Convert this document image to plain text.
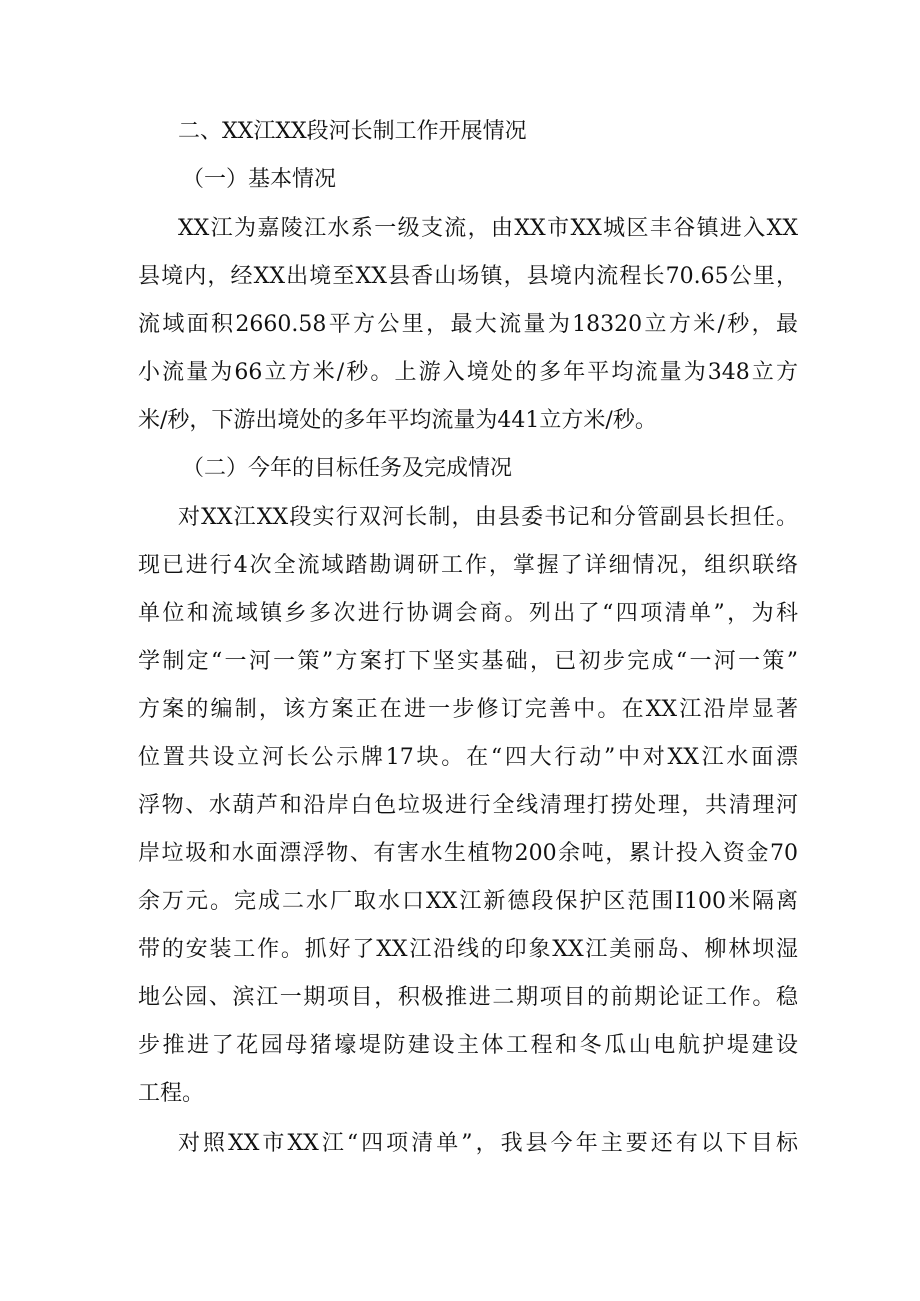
二、XX江XX段河长制工作开展情况
（一）基本情况
XX江为嘉陵江水系一级支流，由XX市XX城区丰谷镇进入XX
县境内，经XX出境至XX县香山场镇，县境内流程长70.65公里，
流域面积2660.58平方公里，最大流量为18320立方米/秒，最
小流量为66立方米/秒。上游入境处的多年平均流量为348立方
米/秒，下游出境处的多年平均流量为441立方米/秒。
（二）今年的目标任务及完成情况
对XX江XX段实行双河长制，由县委书记和分管副县长担任。
现已进行4次全流域踏勘调研工作，掌握了详细情况，组织联络
单位和流域镇乡多次进行协调会商。列出了“四项清单”，为科
学制定“一河一策”方案打下坚实基础，已初步完成“一河一策”
方案的编制，该方案正在进一步修订完善中。在XX江沿岸显著
位置共设立河长公示牌17块。在“四大行动”中对XX江水面漂
浮物、水葫芦和沿岸白色垃圾进行全线清理打捞处理，共清理河
岸垃圾和水面漂浮物、有害水生植物200余吨，累计投入资金70
余万元。完成二水厂取水口XX江新德段保护区范围I100米隔离
带的安装工作。抓好了XX江沿线的印象XX江美丽岛、柳林坝湿
地公园、滨江一期项目，积极推进二期项目的前期论证工作。稳
步推进了花园母猪壕堤防建设主体工程和冬瓜山电航护堤建设
工程。
对照XX市XX江“四项清单”，我县今年主要还有以下目标
